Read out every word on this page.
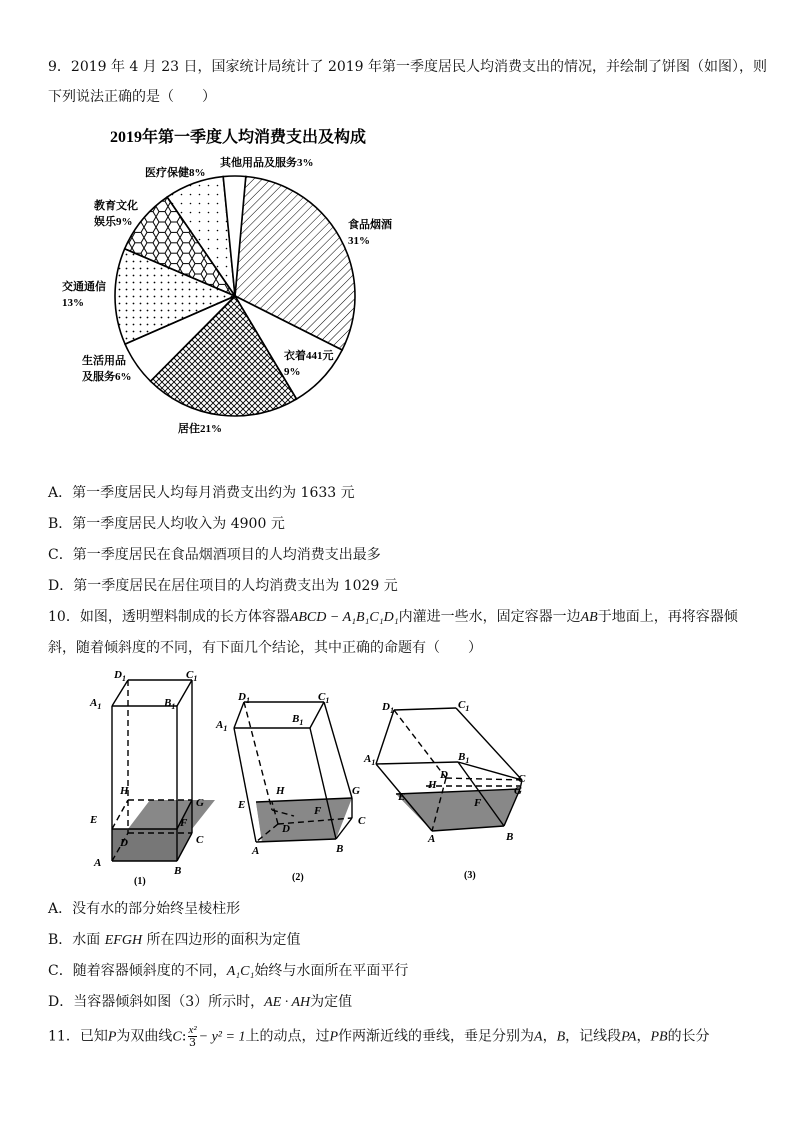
9．2019 年 4 月 23 日，国家统计局统计了 2019 年第一季度居民人均消费支出的情况，并绘制了饼图（如图），则
下列说法正确的是（　　）
2019年第一季度人均消费支出及构成
其他用品及服务3%
医疗保健8%
教育文化
娱乐9%
交通通信
13%
生活用品
及服务6%
居住21%
衣着441元
9%
食品烟酒
31%
A．第一季度居民人均每月消费支出约为 1633 元
B．第一季度居民人均收入为 4900 元
C．第一季度居民在食品烟酒项目的人均消费支出最多
D．第一季度居民在居住项目的人均消费支出为 1029 元
10．如图，透明塑料制成的长方体容器ABCD − A₁B₁C₁D₁内灌进一些水，固定容器一边AB于地面上，再将容器倾
斜，随着倾斜度的不同，有下面几个结论，其中正确的命题有（　　）
$D_1$	$C_1$
$A_1$	$B_1$
H
G
E	F
C
D
A
B
(1)
$D_1$	$C_1$
$A_1$
$B_1$
H	G
E	F
D
C
A	B
(2)
$D_1$	$C_1$
$A_1$	$B_1$
D
H	C
G
E	F
A	B
(3)
A．没有水的部分始终呈棱柱形
B．水面 EFGH 所在四边形的面积为定值
C．随着容器倾斜度的不同，A₁C₁始终与水面所在平面平行
D．当容器倾斜如图（3）所示时，AE · AH为定值
11．已知P为双曲线C: $\frac{\text{x²}}{3} - y^2 = 1$上的动点，过P作两渐近线的垂线，垂足分别为A，B，记线段PA，PB的长分
